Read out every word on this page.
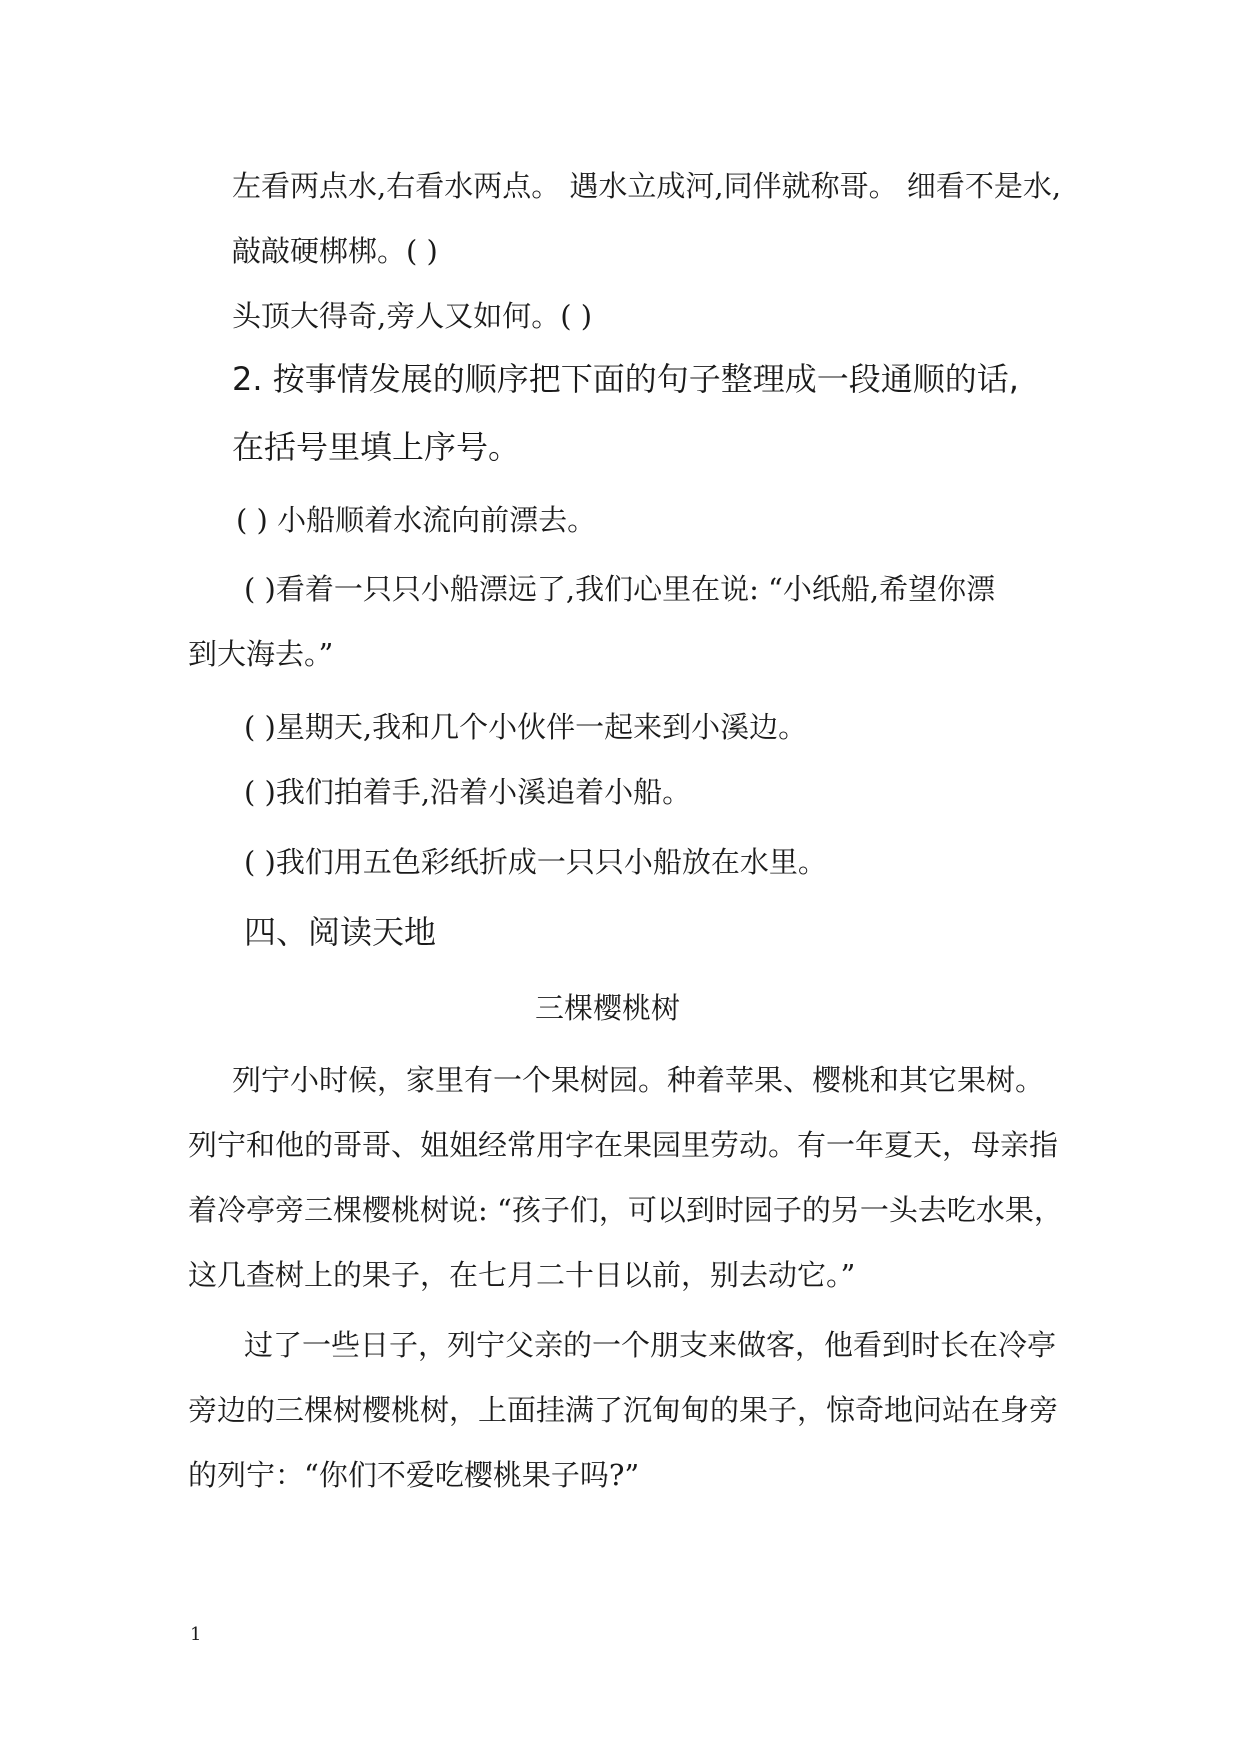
左看两点水,右看水两点。 遇水立成河,同伴就称哥。 细看不是水,
敲敲硬梆梆。( )
头顶大得奇,旁人又如何。( )
2. 按事情发展的顺序把下面的句子整理成一段通顺的话,
在括号里填上序号。
( ) 小船顺着水流向前漂去。
( )看着一只只小船漂远了,我们心里在说: “小纸船,希望你漂
到大海去。”
( )星期天,我和几个小伙伴一起来到小溪边。
( )我们拍着手,沿着小溪追着小船。
( )我们用五色彩纸折成一只只小船放在水里。
四、阅读天地
三棵樱桃树
列宁小时候，家里有一个果树园。种着苹果、樱桃和其它果树。
列宁和他的哥哥、姐姐经常用字在果园里劳动。有一年夏天，母亲指
着冷亭旁三棵樱桃树说: “孩子们，可以到时园子的另一头去吃水果，
这几查树上的果子，在七月二十日以前，别去动它。”
过了一些日子，列宁父亲的一个朋支来做客，他看到时长在冷亭
旁边的三棵树樱桃树，上面挂满了沉甸甸的果子，惊奇地问站在身旁
的列宁：“你们不爱吃樱桃果子吗?”
1
